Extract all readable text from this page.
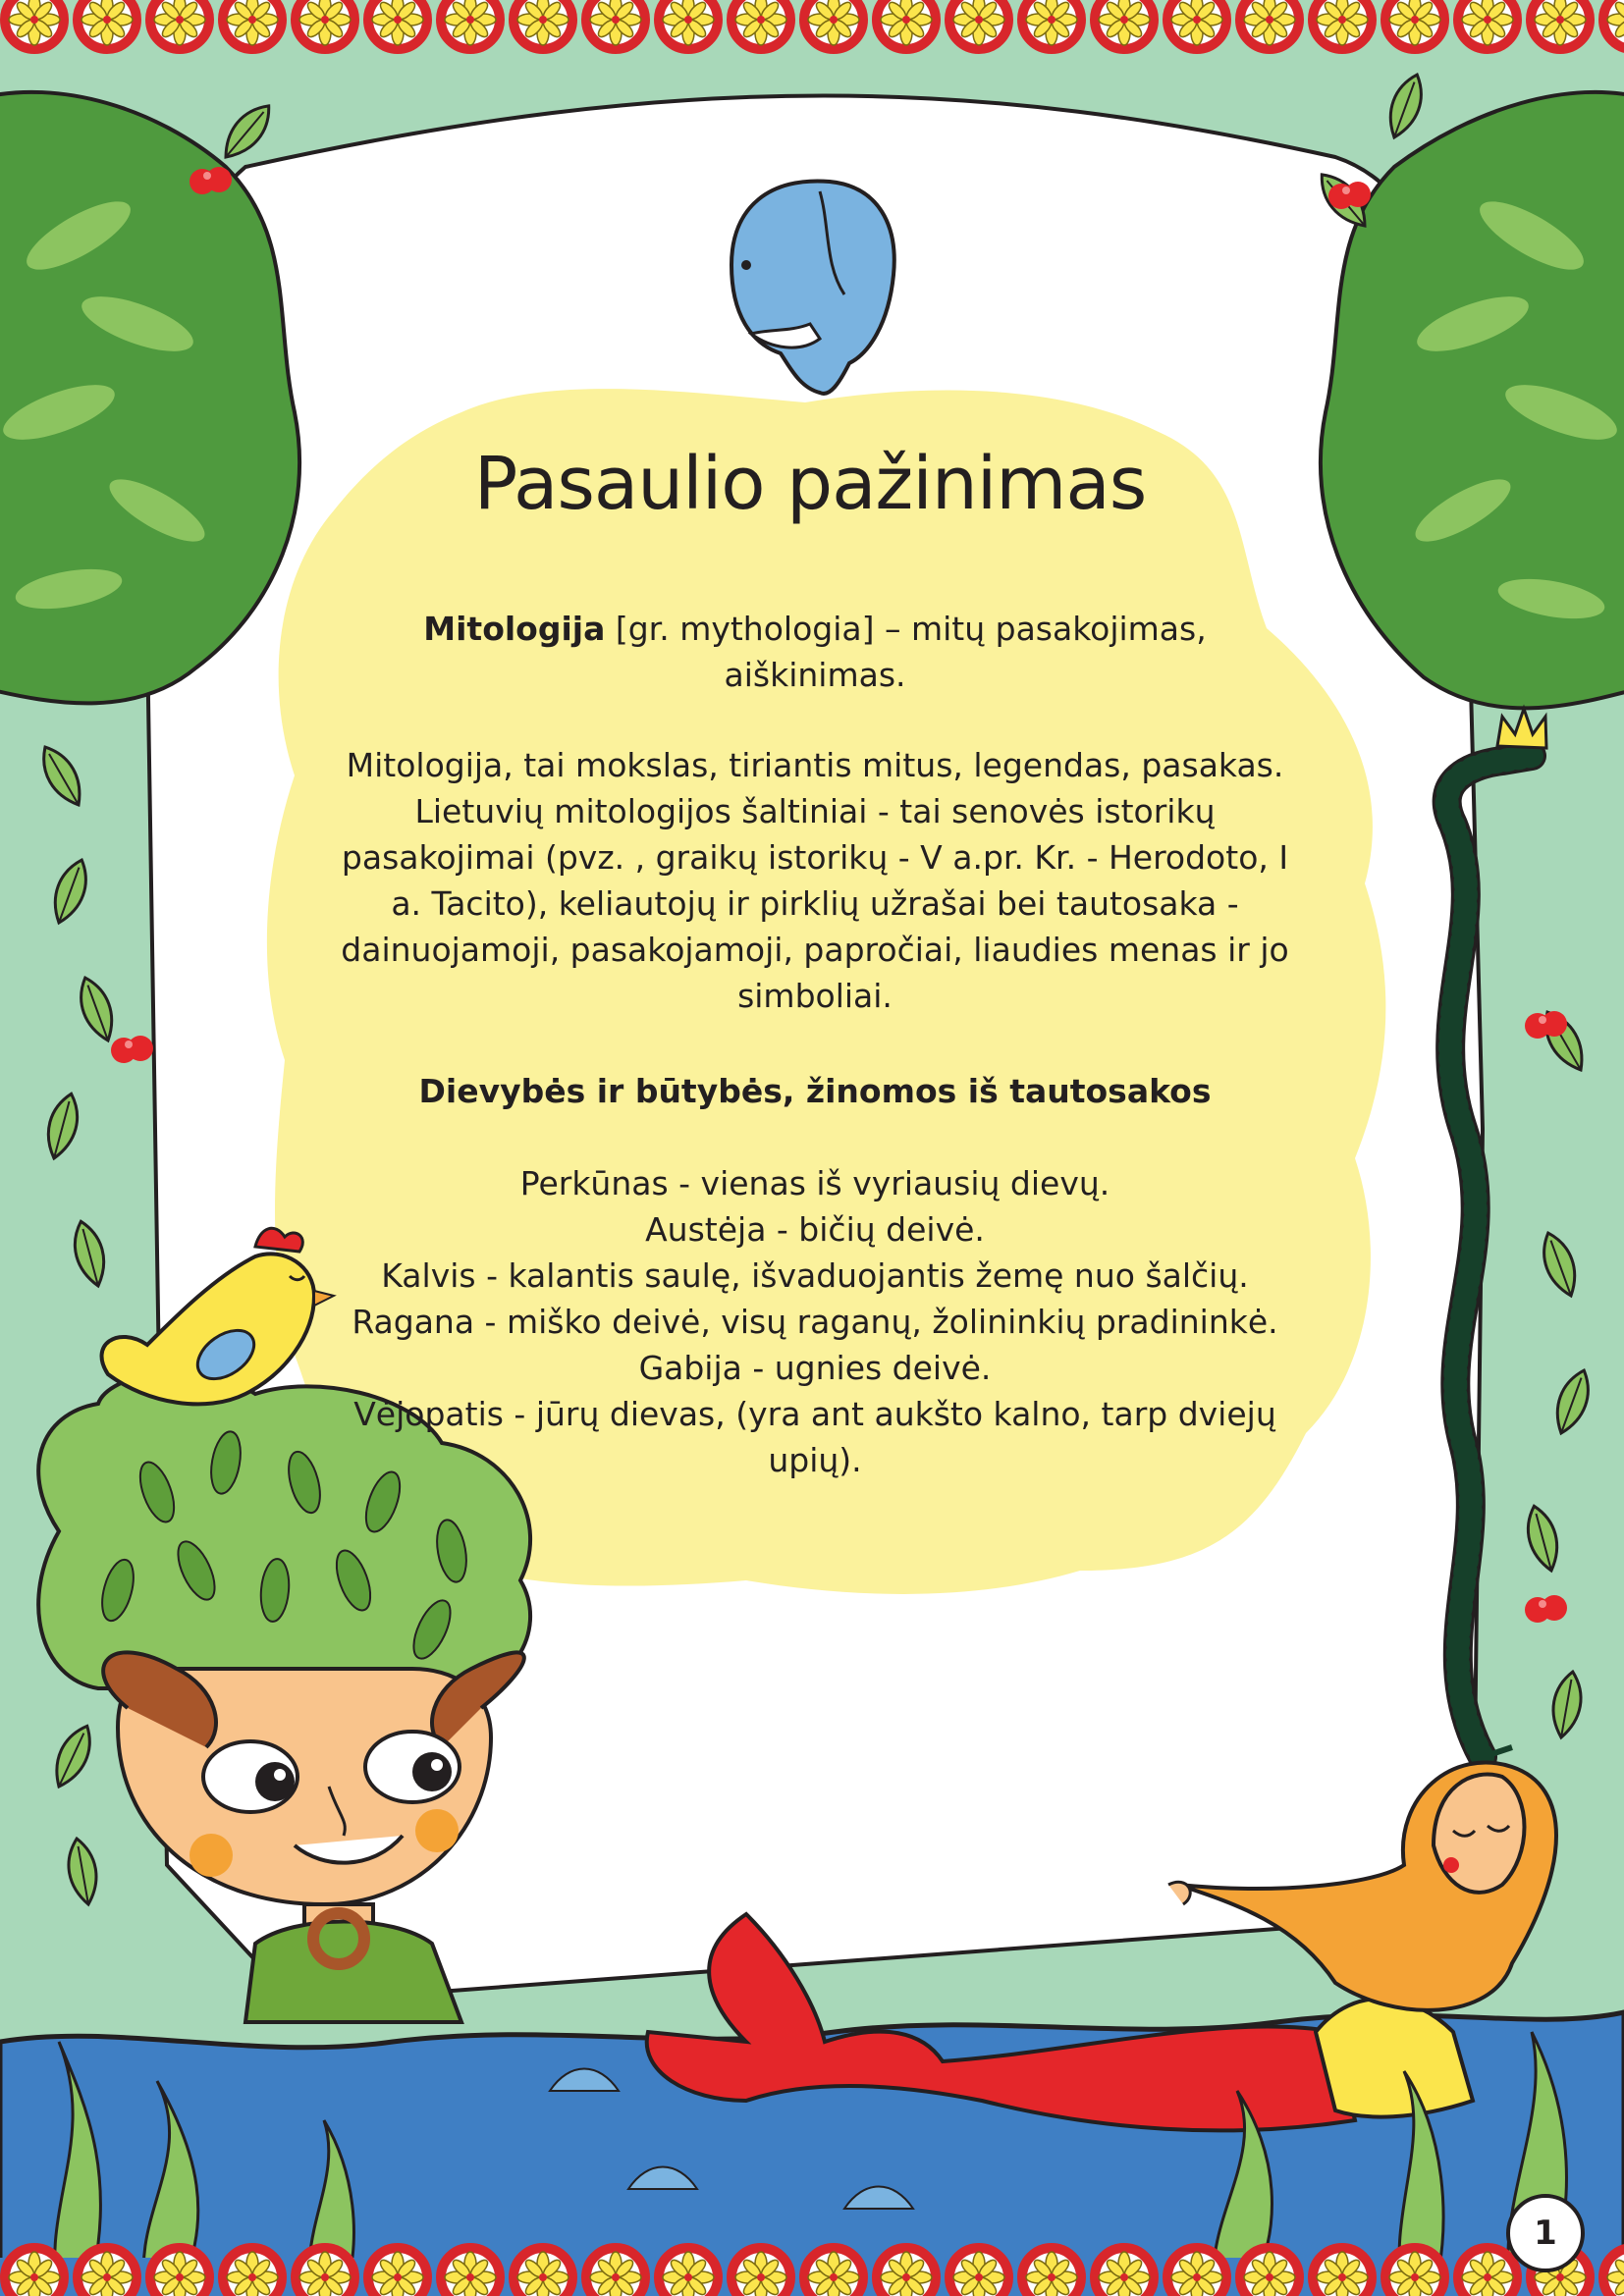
Pasaulio pažinimas

Mitologija [gr. mythologia] – mitų pasakojimas, aiškinimas.

Mitologija, tai mokslas, tiriantis mitus, legendas, pasakas. Lietuvių mitologijos šaltiniai - tai senovės istorikų pasakojimai (pvz. , graikų istorikų - V a.pr. Kr. - Herodoto, I a. Tacito), keliautojų ir pirklių užrašai bei tautosaka - dainuojamoji, pasakojamoji, papročiai, liaudies menas ir jo simboliai.

Dievybės ir būtybės, žinomos iš tautosakos

Perkūnas - vienas iš vyriausių dievų.

Austėja - bičių deivė.

Kalvis - kalantis saulę, išvaduojantis žemę nuo šalčių.

Ragana - miško deivė, visų raganų, žolininkių pradininkė.

Gabija - ugnies deivė.

Vėjopatis - jūrų dievas, (yra ant aukšto kalno, tarp dviejų upių).

1
